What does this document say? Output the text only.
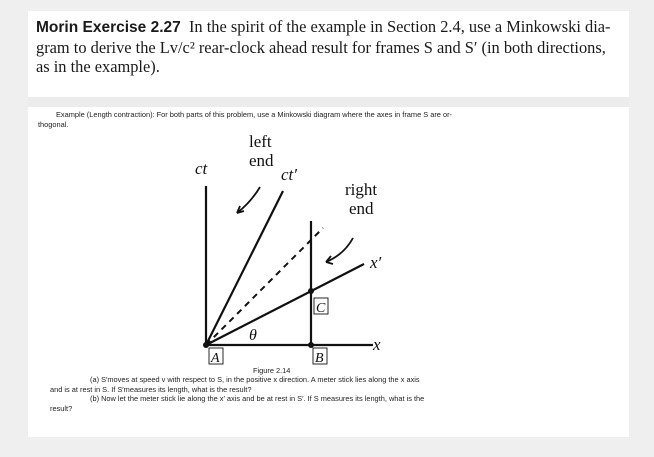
Morin Exercise 2.27 In the spirit of the example in Section 2.4, use a Minkowski dia-
gram to derive the Lv/c² rear-clock ahead result for frames S and S′ (in both directions,
as in the example).
Example (Length contraction): For both parts of this problem, use a Minkowski diagram where the axes in frame S are or-
thogonal.
left
end
ct	ct′
right
end
x′
x
θ
A	B
C
Figure 2.14
(a) S′moves at speed v with respect to S, in the positive x direction. A meter stick lies along the x axis
and is at rest in S. If S′measures its length, what is the result?
(b) Now let the meter stick lie along the x′ axis and be at rest in S′. If S measures its length, what is the
result?
